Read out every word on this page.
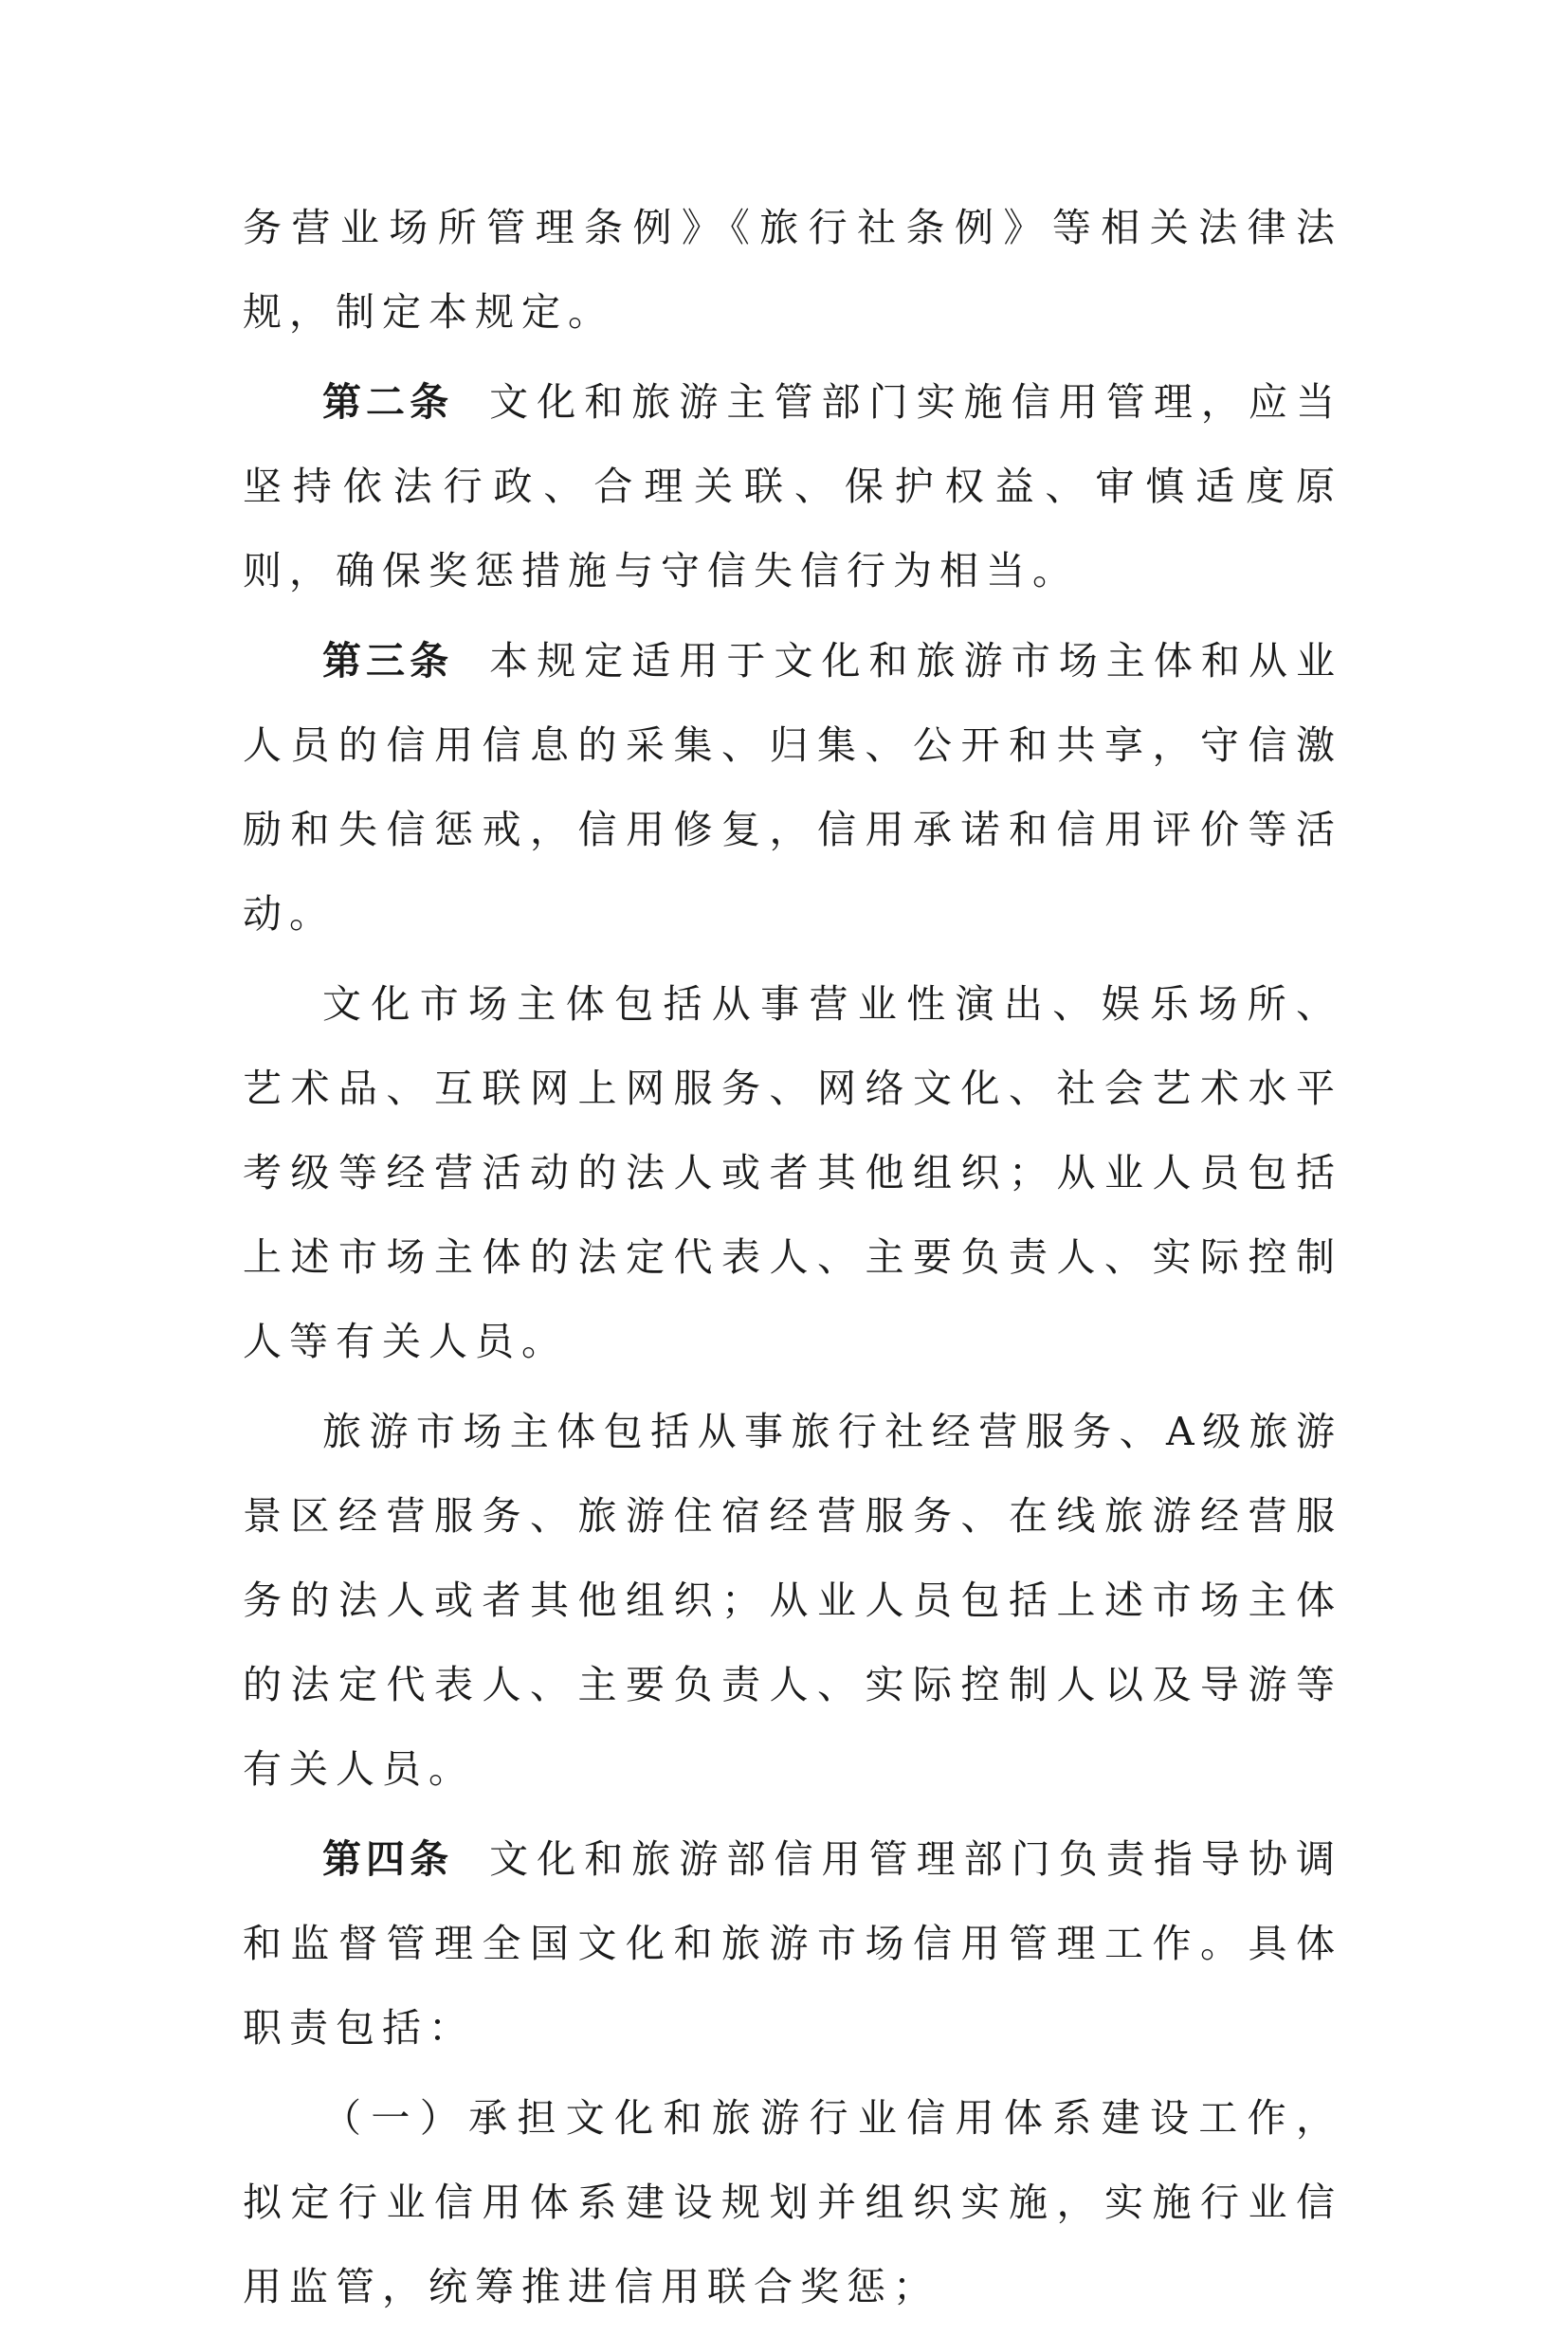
务营业场所管理条例》《旅行社条例》等相关法律法规，制定本规定。

第二条 文化和旅游主管部门实施信用管理，应当坚持依法行政、合理关联、保护权益、审慎适度原则，确保奖惩措施与守信失信行为相当。

第三条 本规定适用于文化和旅游市场主体和从业人员的信用信息的采集、归集、公开和共享，守信激励和失信惩戒，信用修复，信用承诺和信用评价等活动。

文化市场主体包括从事营业性演出、娱乐场所、艺术品、互联网上网服务、网络文化、社会艺术水平考级等经营活动的法人或者其他组织；从业人员包括上述市场主体的法定代表人、主要负责人、实际控制人等有关人员。

旅游市场主体包括从事旅行社经营服务、A级旅游景区经营服务、旅游住宿经营服务、在线旅游经营服务的法人或者其他组织；从业人员包括上述市场主体的法定代表人、主要负责人、实际控制人以及导游等有关人员。

第四条 文化和旅游部信用管理部门负责指导协调和监督管理全国文化和旅游市场信用管理工作。具体职责包括：

（一）承担文化和旅游行业信用体系建设工作，拟定行业信用体系建设规划并组织实施，实施行业信用监管，统筹推进信用联合奖惩；
